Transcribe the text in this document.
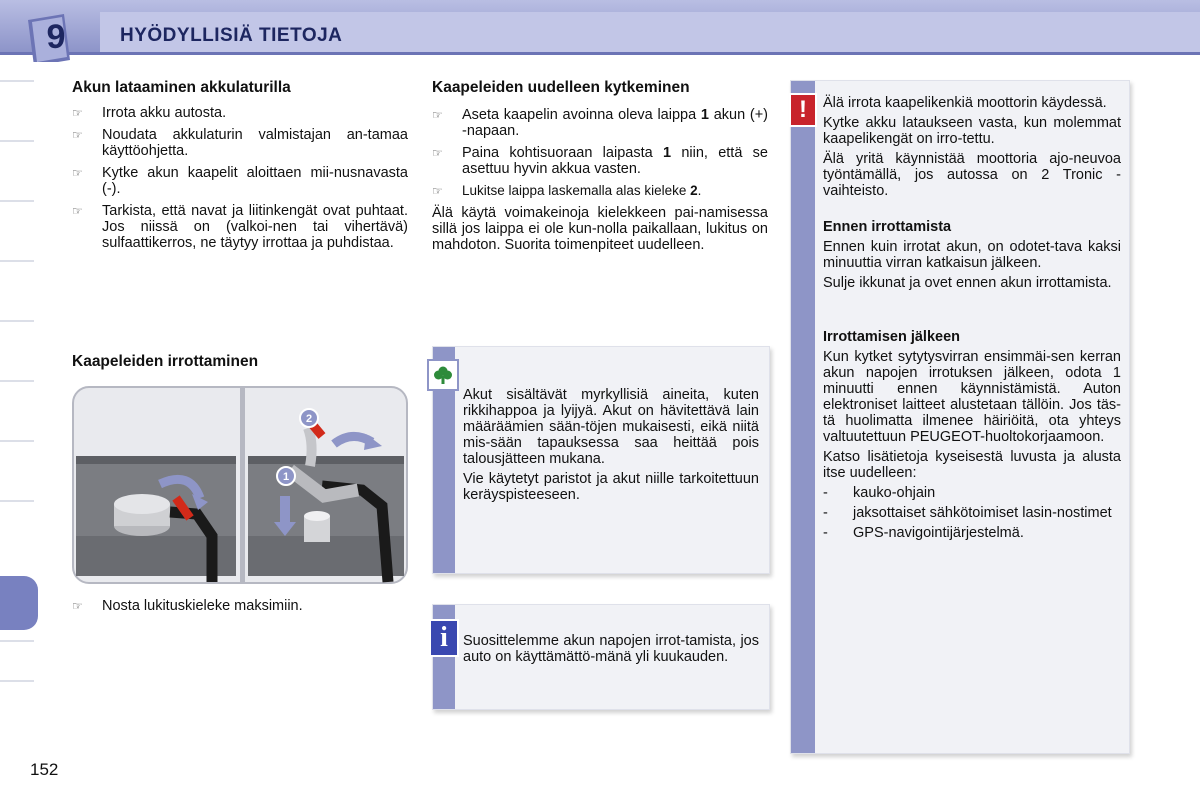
9	HYÖDYLLISIÄ TIETOJA
Akun lataaminen akkulaturilla
☞ Irrota akku autosta.
☞ Noudata akkulaturin valmistajan an-tamaa käyttöohjetta.
☞ Kytke akun kaapelit aloittaen mii-nusnavasta (-).
☞ Tarkista, että navat ja liitinkengät ovat puhtaat. Jos niissä on (valkoi-nen tai vihertävä) sulfaattikerros, ne täytyy irrottaa ja puhdistaa.
Kaapeleiden irrottaminen
1
2
☞ Nosta lukituskieleke maksimiin.
Kaapeleiden uudelleen kytkeminen
☞ Aseta kaapelin avoinna oleva laippa 1 akun (+) -napaan.
☞ Paina kohtisuoraan laipasta 1 niin, että se asettuu hyvin akkua vasten.
☞ Lukitse laippa laskemalla alas kieleke 2.

Älä käytä voimakeinoja kielekkeen pai-namisessa sillä jos laippa ei ole kun-nolla paikallaan, lukitus on mahdoton. Suorita toimenpiteet uudelleen.

Akut sisältävät myrkyllisiä aineita, kuten rikkihappoa ja lyijyä. Akut on hävitettävä lain määräämien sään-töjen mukaisesti, eikä niitä mis-sään tapauksessa saa heittää pois talousjätteen mukana.

Vie käytetyt paristot ja akut niille tarkoitettuun keräyspisteeseen.

i Suosittelemme akun napojen irrot-tamista, jos auto on käyttämättö-mänä yli kuukauden.

! Älä irrota kaapelikenkiä moottorin käydessä.

Kytke akku latаukseen vasta, kun molemmat kaapelikengät on irro-tettu.

Älä yritä käynnistää moottoria ajo-neuvoa työntämällä, jos autossa on 2 Tronic -vaihteisto.

Ennen irrottamista

Ennen kuin irrotat akun, on odotet-tava kaksi minuuttia virran katkaisun jälkeen.

Sulje ikkunat ja ovet ennen akun irrottamista.

Irrottamisen jälkeen

Kun kytket sytytysvirran ensimmäi-sen kerran akun napojen irrotuksen jälkeen, odota 1 minuutti ennen käynnistämistä. Auton elektroniset laitteet alustetaan tällöin. Jos täs-tä huolimatta ilmenee häiriöitä, ota yhteys valtuutettuun PEUGEOT-huoltokorjaamoon.

Katso lisätietoja kyseisestä luvusta ja alusta itse uudelleen:

- kauko-ohjain
- jaksottaiset sähkötoimiset lasin-nostimet
- GPS-navigointijärjestelmä.
152
